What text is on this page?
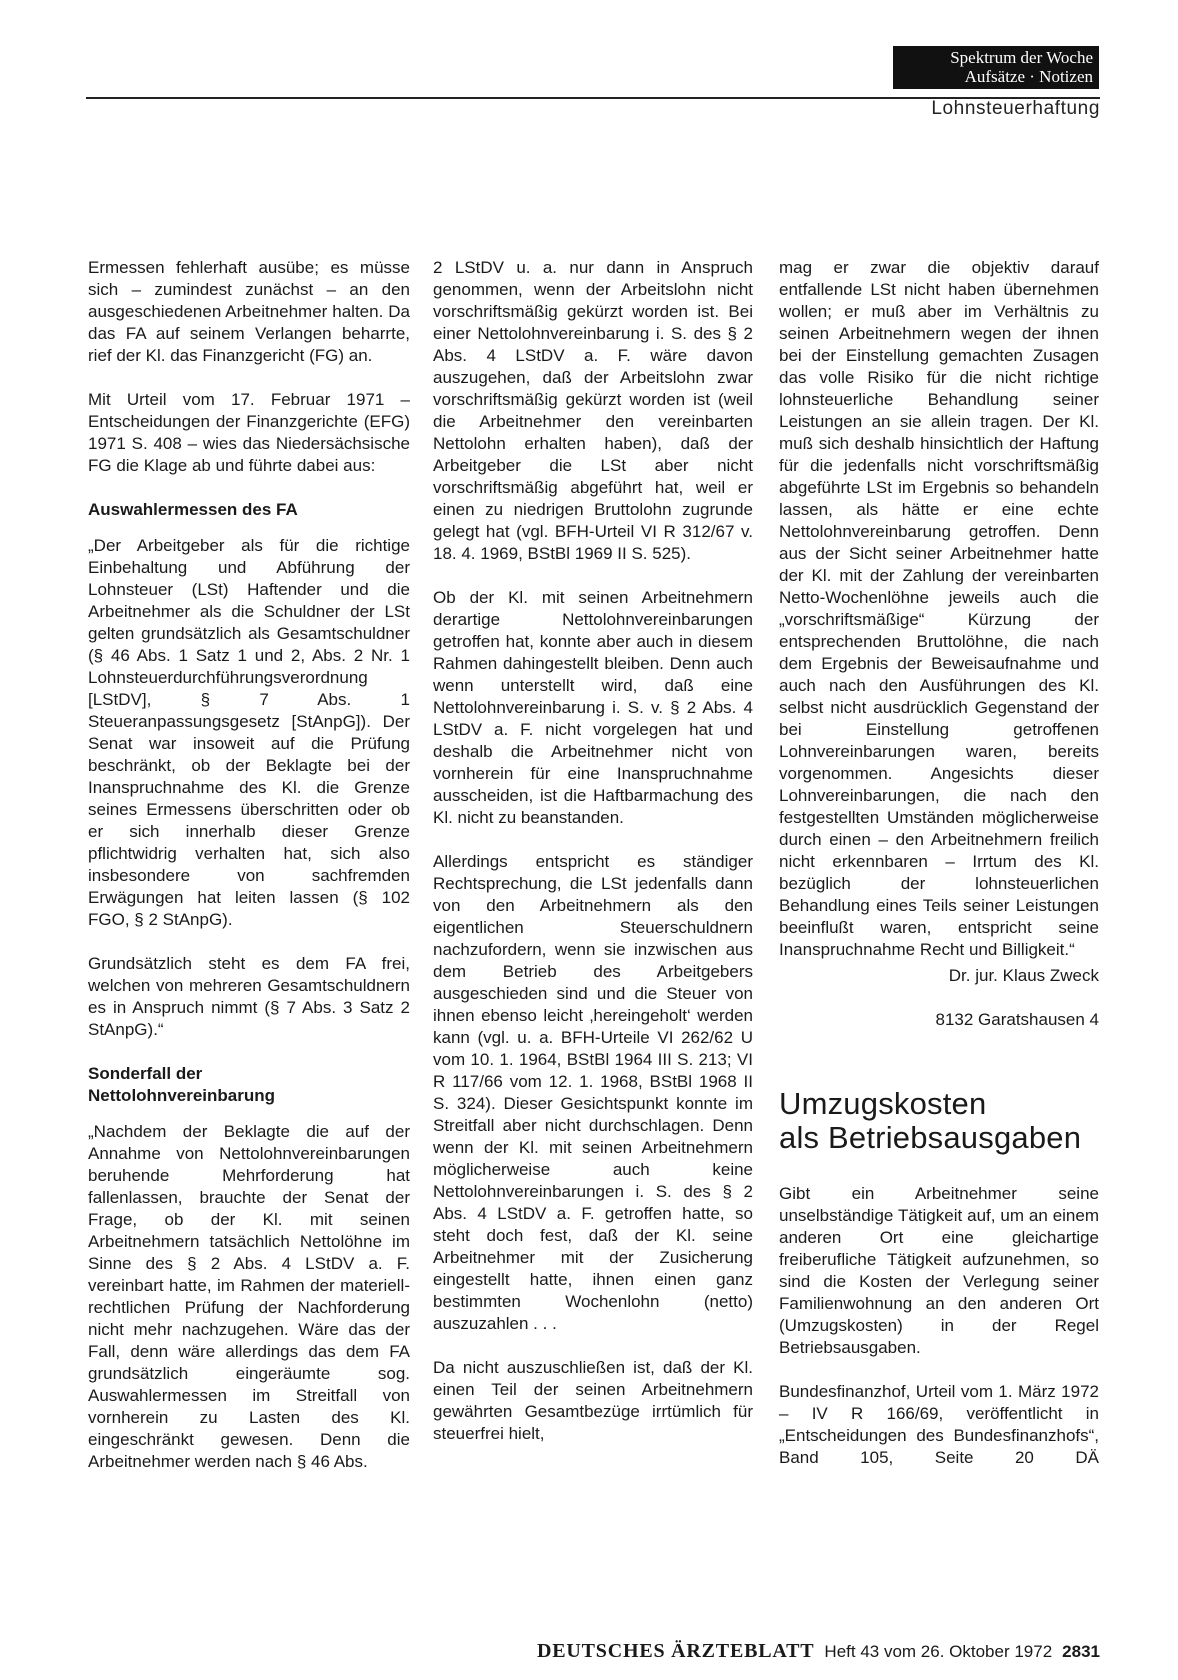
Spektrum der Woche
Aufsätze · Notizen
Lohnsteuerhaftung

Ermessen fehlerhaft ausübe; es müsse sich – zumindest zunächst – an den ausgeschiedenen Arbeitnehmer halten. Da das FA auf seinem Verlangen beharrte, rief der Kl. das Finanzgericht (FG) an.

Mit Urteil vom 17. Februar 1971 – Entscheidungen der Finanzgerichte (EFG) 1971 S. 408 – wies das Niedersächsische FG die Klage ab und führte dabei aus:

Auswahlermessen des FA

„Der Arbeitgeber als für die richtige Einbehaltung und Abführung der Lohnsteuer (LSt) Haftender und die Arbeitnehmer als die Schuldner der LSt gelten grundsätzlich als Gesamtschuldner (§ 46 Abs. 1 Satz 1 und 2, Abs. 2 Nr. 1 Lohnsteuerdurchführungsverordnung [LStDV], § 7 Abs. 1 Steueranpassungsgesetz [StAnpG]). Der Senat war insoweit auf die Prüfung beschränkt, ob der Beklagte bei der Inanspruchnahme des Kl. die Grenze seines Ermessens überschritten oder ob er sich innerhalb dieser Grenze pflichtwidrig verhalten hat, sich also insbesondere von sachfremden Erwägungen hat leiten lassen (§ 102 FGO, § 2 StAnpG).

Grundsätzlich steht es dem FA frei, welchen von mehreren Gesamtschuldnern es in Anspruch nimmt (§ 7 Abs. 3 Satz 2 StAnpG).“

Sonderfall der
Nettolohnvereinbarung

„Nachdem der Beklagte die auf der Annahme von Nettolohnvereinbarungen beruhende Mehrforderung hat fallenlassen, brauchte der Senat der Frage, ob der Kl. mit seinen Arbeitnehmern tatsächlich Nettolöhne im Sinne des § 2 Abs. 4 LStDV a. F. vereinbart hatte, im Rahmen der materiell-rechtlichen Prüfung der Nachforderung nicht mehr nachzugehen. Wäre das der Fall, denn wäre allerdings das dem FA grundsätzlich eingeräumte sog. Auswahlermessen im Streitfall von vornherein zu Lasten des Kl. eingeschränkt gewesen. Denn die Arbeitnehmer werden nach § 46 Abs.

2 LStDV u. a. nur dann in Anspruch genommen, wenn der Arbeitslohn nicht vorschriftsmäßig gekürzt worden ist. Bei einer Nettolohnvereinbarung i. S. des § 2 Abs. 4 LStDV a. F. wäre davon auszugehen, daß der Arbeitslohn zwar vorschriftsmäßig gekürzt worden ist (weil die Arbeitnehmer den vereinbarten Nettolohn erhalten haben), daß der Arbeitgeber die LSt aber nicht vorschriftsmäßig abgeführt hat, weil er einen zu niedrigen Bruttolohn zugrunde gelegt hat (vgl. BFH-Urteil VI R 312/67 v. 18. 4. 1969, BStBl 1969 II S. 525).

Ob der Kl. mit seinen Arbeitnehmern derartige Nettolohnvereinbarungen getroffen hat, konnte aber auch in diesem Rahmen dahingestellt bleiben. Denn auch wenn unterstellt wird, daß eine Nettolohnvereinbarung i. S. v. § 2 Abs. 4 LStDV a. F. nicht vorgelegen hat und deshalb die Arbeitnehmer nicht von vornherein für eine Inanspruchnahme ausscheiden, ist die Haftbarmachung des Kl. nicht zu beanstanden.

Allerdings entspricht es ständiger Rechtsprechung, die LSt jedenfalls dann von den Arbeitnehmern als den eigentlichen Steuerschuldnern nachzufordern, wenn sie inzwischen aus dem Betrieb des Arbeitgebers ausgeschieden sind und die Steuer von ihnen ebenso leicht ‚hereingeholt‘ werden kann (vgl. u. a. BFH-Urteile VI 262/62 U vom 10. 1. 1964, BStBl 1964 III S. 213; VI R 117/66 vom 12. 1. 1968, BStBl 1968 II S. 324). Dieser Gesichtspunkt konnte im Streitfall aber nicht durchschlagen. Denn wenn der Kl. mit seinen Arbeitnehmern möglicherweise auch keine Nettolohnvereinbarungen i. S. des § 2 Abs. 4 LStDV a. F. getroffen hatte, so steht doch fest, daß der Kl. seine Arbeitnehmer mit der Zusicherung eingestellt hatte, ihnen einen ganz bestimmten Wochenlohn (netto) auszuzahlen . . .

Da nicht auszuschließen ist, daß der Kl. einen Teil der seinen Arbeitnehmern gewährten Gesamtbezüge irrtümlich für steuerfrei hielt,

mag er zwar die objektiv darauf entfallende LSt nicht haben übernehmen wollen; er muß aber im Verhältnis zu seinen Arbeitnehmern wegen der ihnen bei der Einstellung gemachten Zusagen das volle Risiko für die nicht richtige lohnsteuerliche Behandlung seiner Leistungen an sie allein tragen. Der Kl. muß sich deshalb hinsichtlich der Haftung für die jedenfalls nicht vorschriftsmäßig abgeführte LSt im Ergebnis so behandeln lassen, als hätte er eine echte Nettolohnvereinbarung getroffen. Denn aus der Sicht seiner Arbeitnehmer hatte der Kl. mit der Zahlung der vereinbarten Netto-Wochenlöhne jeweils auch die „vorschriftsmäßige“ Kürzung der entsprechenden Bruttolöhne, die nach dem Ergebnis der Beweisaufnahme und auch nach den Ausführungen des Kl. selbst nicht ausdrücklich Gegenstand der bei Einstellung getroffenen Lohnvereinbarungen waren, bereits vorgenommen. Angesichts dieser Lohnvereinbarungen, die nach den festgestellten Umständen möglicherweise durch einen – den Arbeitnehmern freilich nicht erkennbaren – Irrtum des Kl. bezüglich der lohnsteuerlichen Behandlung eines Teils seiner Leistungen beeinflußt waren, entspricht seine Inanspruchnahme Recht und Billigkeit.“

Dr. jur. Klaus Zweck

8132 Garatshausen 4

Umzugskosten
als Betriebsausgaben

Gibt ein Arbeitnehmer seine unselbständige Tätigkeit auf, um an einem anderen Ort eine gleichartige freiberufliche Tätigkeit aufzunehmen, so sind die Kosten der Verlegung seiner Familienwohnung an den anderen Ort (Umzugskosten) in der Regel Betriebsausgaben.

Bundesfinanzhof, Urteil vom 1. März 1972 – IV R 166/69, veröffentlicht in „Entscheidungen des Bundesfinanzhofs“, Band 105, Seite 20 DÄ

DEUTSCHES ÄRZTEBLATT Heft 43 vom 26. Oktober 1972 2831
